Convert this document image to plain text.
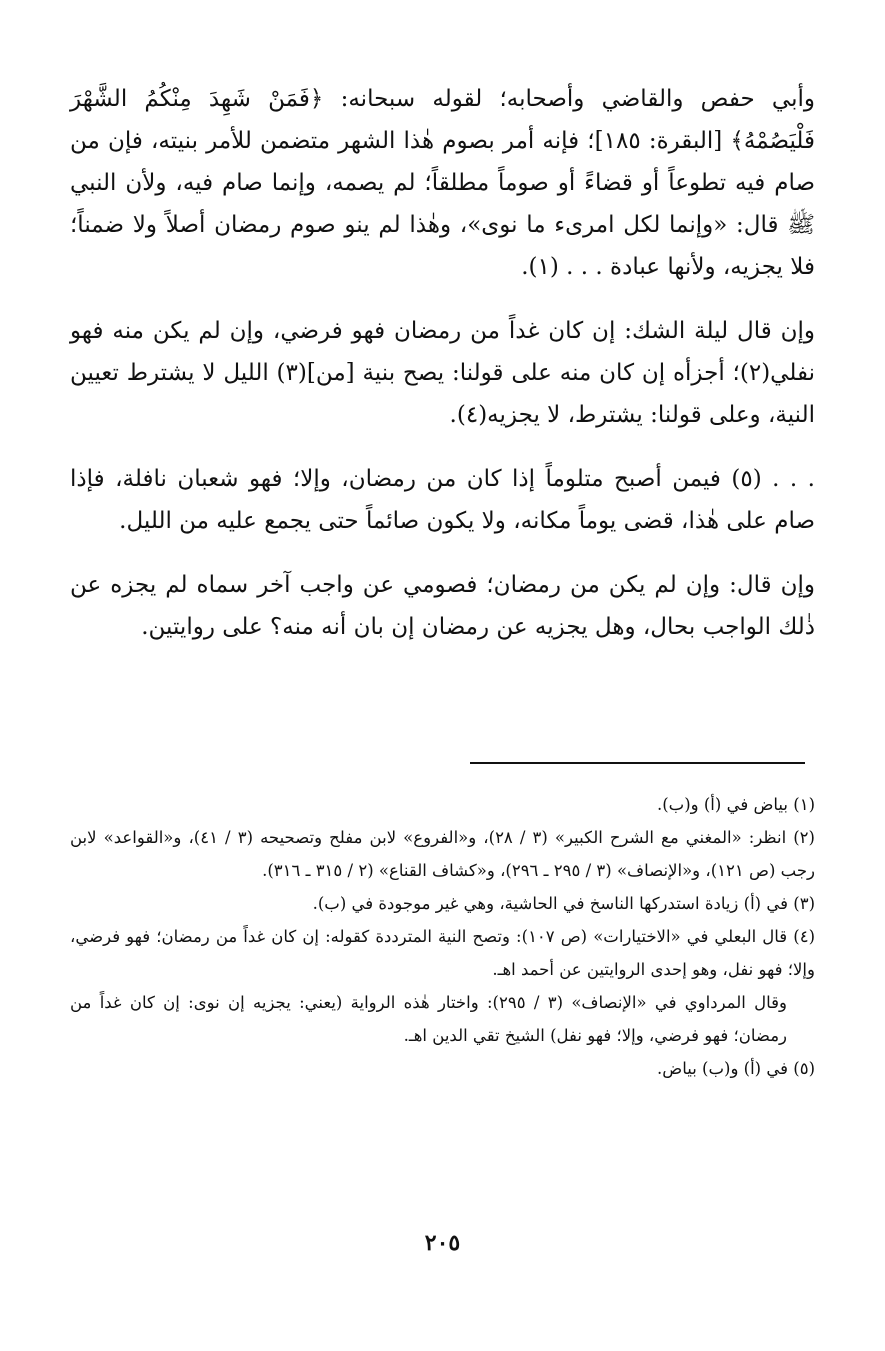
وأبي حفص والقاضي وأصحابه؛ لقوله سبحانه: ﴿فَمَنْ شَهِدَ مِنْكُمُ الشَّهْرَ فَلْيَصُمْهُ﴾ [البقرة: ١٨٥]؛ فإنه أمر بصوم هٰذا الشهر متضمن للأمر بنيته، فإن من صام فيه تطوعاً أو قضاءً أو صوماً مطلقاً؛ لم يصمه، وإنما صام فيه، ولأن النبي ﷺ قال: «وإنما لكل امرىء ما نوى»، وهٰذا لم ينو صوم رمضان أصلاً ولا ضمناً؛ فلا يجزيه، ولأنها عبادة . . . (١).

وإن قال ليلة الشك: إن كان غداً من رمضان فهو فرضي، وإن لم يكن منه فهو نفلي(٢)؛ أجزأه إن كان منه على قولنا: يصح بنية [من](٣) الليل لا يشترط تعيين النية، وعلى قولنا: يشترط، لا يجزيه(٤).

. . . (٥) فيمن أصبح متلوماً إذا كان من رمضان، وإلا؛ فهو شعبان نافلة، فإذا صام على هٰذا، قضى يوماً مكانه، ولا يكون صائماً حتى يجمع عليه من الليل.

وإن قال: وإن لم يكن من رمضان؛ فصومي عن واجب آخر سماه لم يجزه عن ذٰلك الواجب بحال، وهل يجزيه عن رمضان إن بان أنه منه؟ على روايتين.

(١) بياض في (أ) و(ب).

(٢) انظر: «المغني مع الشرح الكبير» (٣ / ٢٨)، و«الفروع» لابن مفلح وتصحيحه (٣ / ٤١)، و«القواعد» لابن رجب (ص ١٢١)، و«الإنصاف» (٣ / ٢٩٥ ـ ٢٩٦)، و«كشاف القناع» (٢ / ٣١٥ ـ ٣١٦).

(٣) في (أ) زيادة استدركها الناسخ في الحاشية، وهي غير موجودة في (ب).

(٤) قال البعلي في «الاختيارات» (ص ١٠٧): وتصح النية المترددة كقوله: إن كان غداً من رمضان؛ فهو فرضي، وإلا؛ فهو نفل، وهو إحدى الروايتين عن أحمد اهـ.

وقال المرداوي في «الإنصاف» (٣ / ٢٩٥): واختار هٰذه الرواية (يعني: يجزيه إن نوى: إن كان غداً من رمضان؛ فهو فرضي، وإلا؛ فهو نفل) الشيخ تقي الدين اهـ.

(٥) في (أ) و(ب) بياض.

٢٠٥
